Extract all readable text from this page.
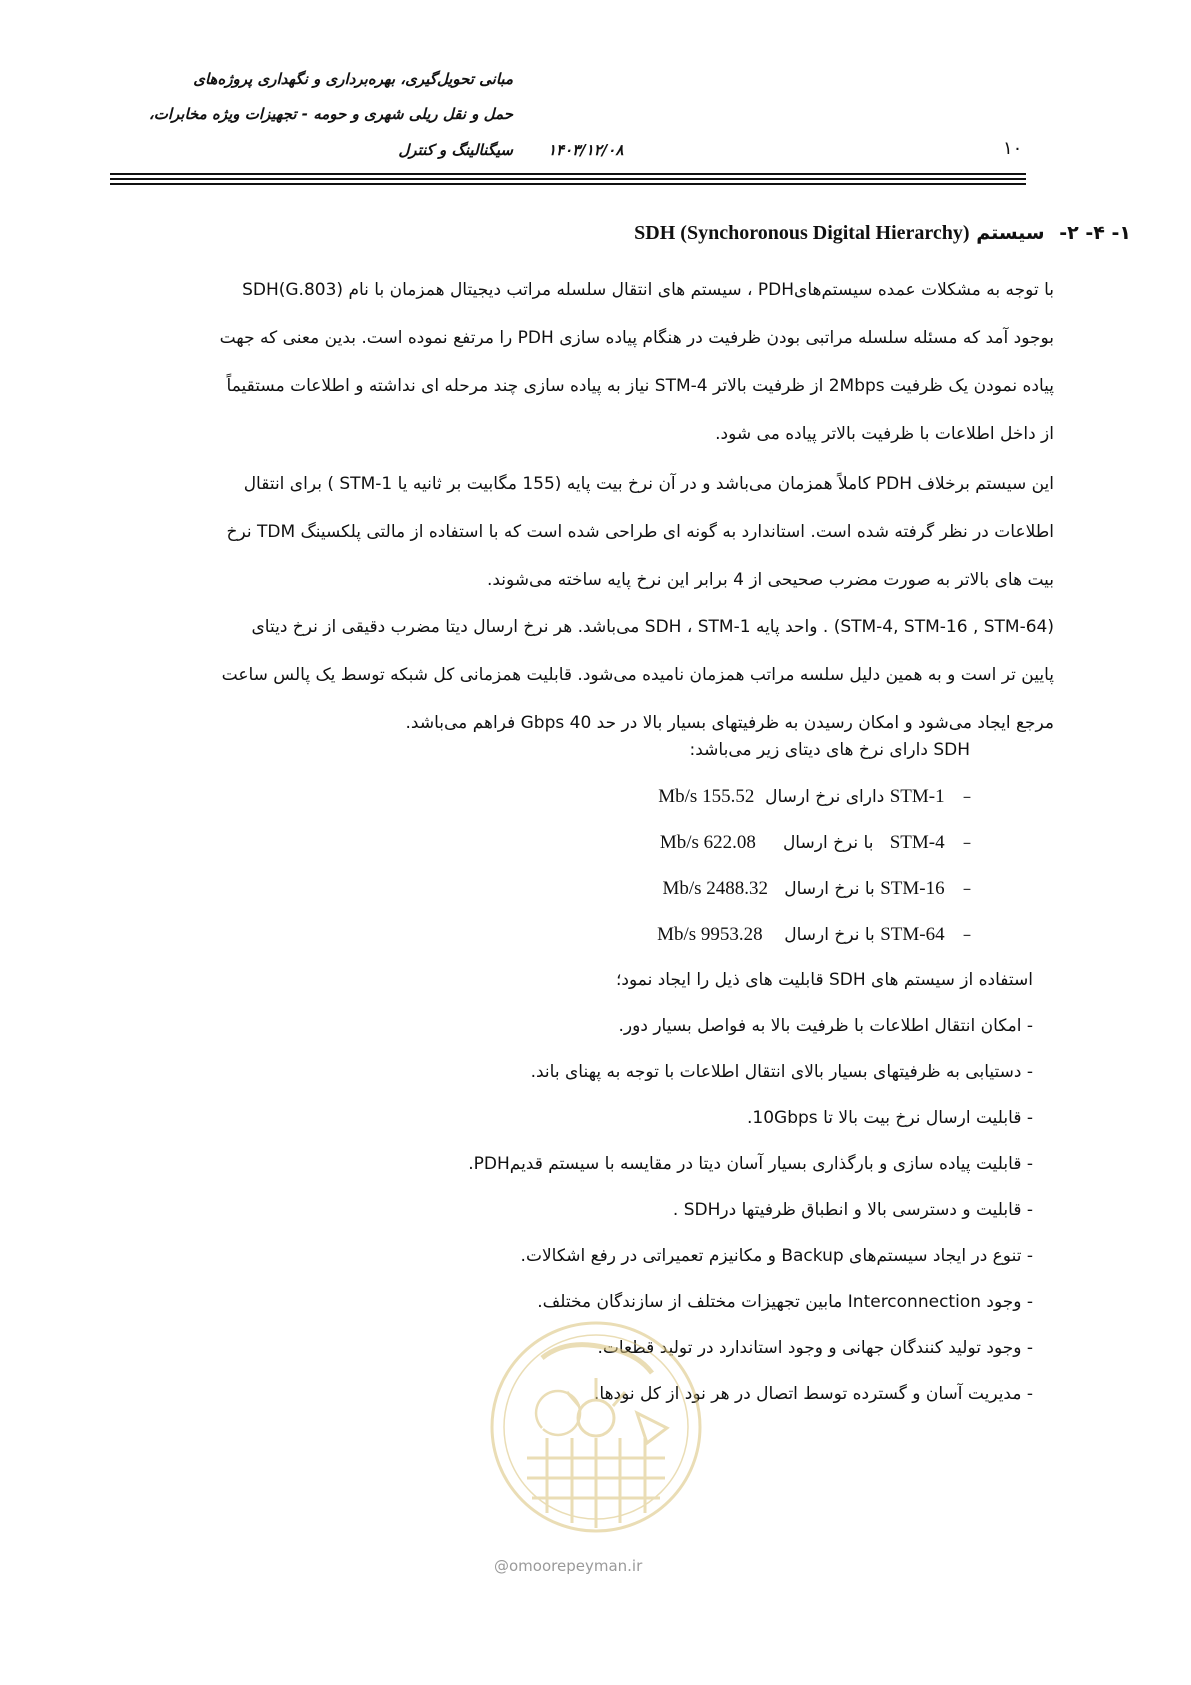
مبانی تحویل‌گیری، بهره‌برداری و نگهداری پروژه‌های
حمل و نقل ریلی شهری و حومه - تجهیزات ویژه مخابرات،
سیگنالینگ و کنترل ۱۴۰۳/۱۲/۰۸	۱۰
۱- ۴- ۲- سیستم SDH (Synchoronous Digital Hierarchy)
با توجه به مشکلات عمده سیستم‌هایPDH ، سیستم های انتقال سلسله مراتب دیجیتال همزمان با نام SDH(G.803)
بوجود آمد که مسئله سلسله مراتبی بودن ظرفیت در هنگام پیاده سازی PDH را مرتفع نموده است. بدین معنی که جهت
پیاده نمودن یک ظرفیت 2Mbps از ظرفیت بالاتر STM-4 نیاز به پیاده سازی چند مرحله ای نداشته و اطلاعات مستقیماً
از داخل اطلاعات با ظرفیت بالاتر پیاده می شود.
این سیستم برخلاف PDH کاملاً همزمان می‌باشد و در آن نرخ بیت پایه (155 مگابیت بر ثانیه یا STM-1 ) برای انتقال
اطلاعات در نظر گرفته شده است. استاندارد به گونه ای طراحی شده است که با استفاده از مالتی پلکسینگ TDM نرخ
بیت های بالاتر به صورت مضرب صحیحی از 4 برابر این نرخ پایه ساخته می‌شوند.
(STM-4, STM-16 , STM-64) . واحد پایه SDH ، STM-1 می‌باشد. هر نرخ ارسال دیتا مضرب دقیقی از نرخ دیتای
پایین تر است و به همین دلیل سلسه مراتب همزمان نامیده می‌شود. قابلیت همزمانی کل شبکه توسط یک پالس ساعت
مرجع ایجاد می‌شود و امکان رسیدن به ظرفیتهای بسیار بالا در حد 40 Gbps فراهم می‌باشد.
SDH دارای نرخ های دیتای زیر می‌باشد:
– STM-1 دارای نرخ ارسال  155.52 Mb/s
– STM-4   با نرخ ارسال     622.08 Mb/s
– STM-16 با نرخ ارسال   2488.32 Mb/s
– STM-64 با نرخ ارسال    9953.28 Mb/s
استفاده از سیستم های SDH قابلیت های ذیل را ایجاد نمود؛
- امکان انتقال اطلاعات با ظرفیت بالا به فواصل بسیار دور.
- دستیابی به ظرفیتهای بسیار بالای انتقال اطلاعات با توجه به پهنای باند.
- قابلیت ارسال نرخ بیت بالا تا 10Gbps.
- قابلیت پیاده سازی و بارگذاری بسیار آسان دیتا در مقایسه با سیستم قدیمPDH.
- قابلیت و دسترسی بالا و انطباق ظرفیتها درSDH .
- تنوع در ایجاد سیستم‌های Backup و مکانیزم تعمیراتی در رفع اشکالات.
- وجود Interconnection مابین تجهیزات مختلف از سازندگان مختلف.
- وجود تولید کنندگان جهانی و وجود استاندارد در تولید قطعات.
- مدیریت آسان و گسترده توسط اتصال در هر نود از کل نودها.
@omoorepeyman.ir
